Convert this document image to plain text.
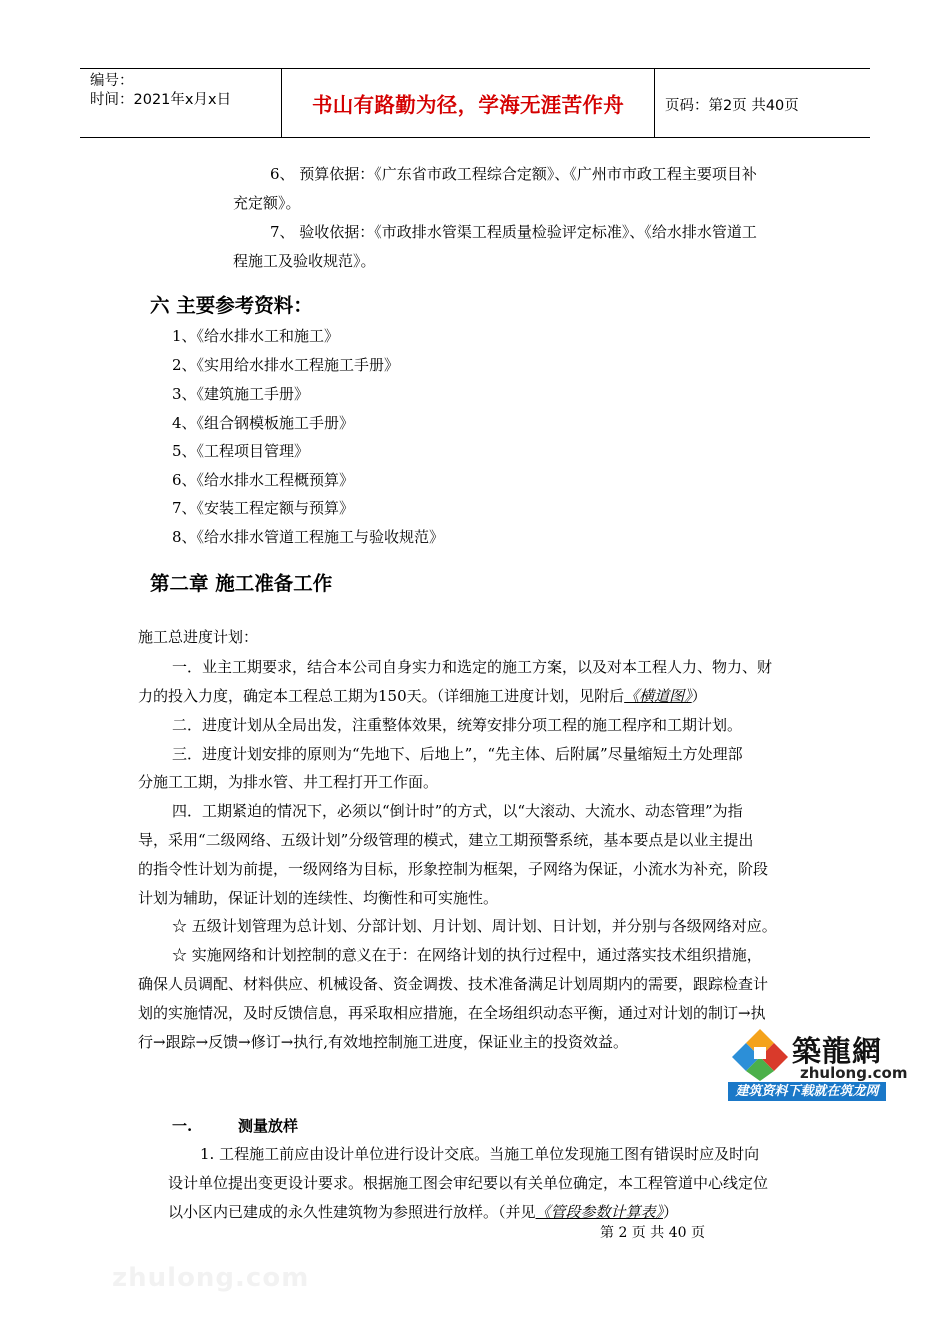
编号：
时间：2021年x月x日	书山有路勤为径，学海无涯苦作舟	页码：第2页 共40页
6、 预算依据：《广东省市政工程综合定额》、《广州市市政工程主要项目补
充定额》。
7、 验收依据：《市政排水管渠工程质量检验评定标准》、《给水排水管道工
程施工及验收规范》。
六 主要参考资料：
1、《给水排水工和施工》
2、《实用给水排水工程施工手册》
3、《建筑施工手册》
4、《组合钢模板施工手册》
5、《工程项目管理》
6、《给水排水工程概预算》
7、《安装工程定额与预算》
8、《给水排水管道工程施工与验收规范》
第二章 施工准备工作
施工总进度计划：
一．业主工期要求，结合本公司自身实力和选定的施工方案，以及对本工程人力、物力、财
力的投入力度，确定本工程总工期为150天。（详细施工进度计划，见附后《横道图》）
二．进度计划从全局出发，注重整体效果，统筹安排分项工程的施工程序和工期计划。
三．进度计划安排的原则为“先地下、后地上”，“先主体、后附属”尽量缩短土方处理部
分施工工期，为排水管、井工程打开工作面。
四．工期紧迫的情况下，必须以“倒计时”的方式，以“大滚动、大流水、动态管理”为指
导，采用“二级网络、五级计划”分级管理的模式，建立工期预警系统，基本要点是以业主提出
的指令性计划为前提，一级网络为目标，形象控制为框架，子网络为保证，小流水为补充，阶段
计划为辅助，保证计划的连续性、均衡性和可实施性。
☆ 五级计划管理为总计划、分部计划、月计划、周计划、日计划，并分别与各级网络对应。
☆ 实施网络和计划控制的意义在于：在网络计划的执行过程中，通过落实技术组织措施，
确保人员调配、材料供应、机械设备、资金调拨、技术准备满足计划周期内的需要，跟踪检查计
划的实施情况，及时反馈信息，再采取相应措施，在全场组织动态平衡，通过对计划的制订→执
行→跟踪→反馈→修订→执行,有效地控制施工进度，保证业主的投资效益。	築龍網
zhulong.com
建筑资料下载就在筑龙网
一.	测量放样
1. 工程施工前应由设计单位进行设计交底。当施工单位发现施工图有错误时应及时向
设计单位提出变更设计要求。根据施工图会审纪要以有关单位确定，本工程管道中心线定位
以小区内已建成的永久性建筑物为参照进行放样。（并见《管段参数计算表》）
第 2 页 共 40 页
zhulong.com
